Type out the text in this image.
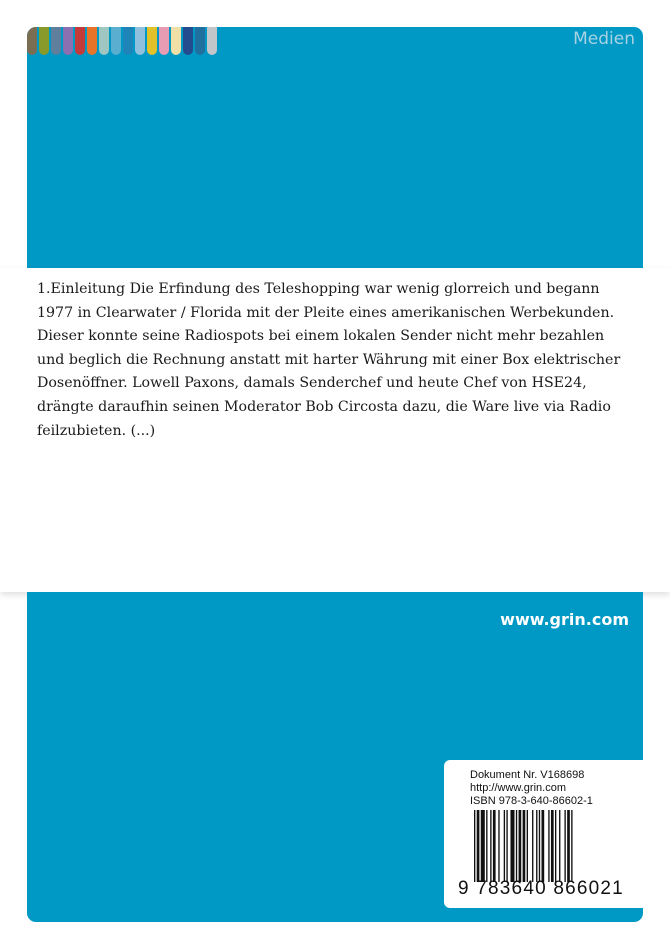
Medien

1.Einleitung Die Erfindung des Teleshopping war wenig glorreich und begann 1977 in Clearwater / Florida mit der Pleite eines amerikanischen Werbekunden. Dieser konnte seine Radiospots bei einem lokalen Sender nicht mehr bezahlen und beglich die Rechnung anstatt mit harter Währung mit einer Box elektrischer Dosenöffner. Lowell Paxons, damals Senderchef und heute Chef von HSE24, drängte daraufhin seinen Moderator Bob Circosta dazu, die Ware live via Radio feilzubieten. (...)

www.grin.com
Dokument Nr. V168698
http://www.grin.com
ISBN 978-3-640-86602-1
9 783640 866021
